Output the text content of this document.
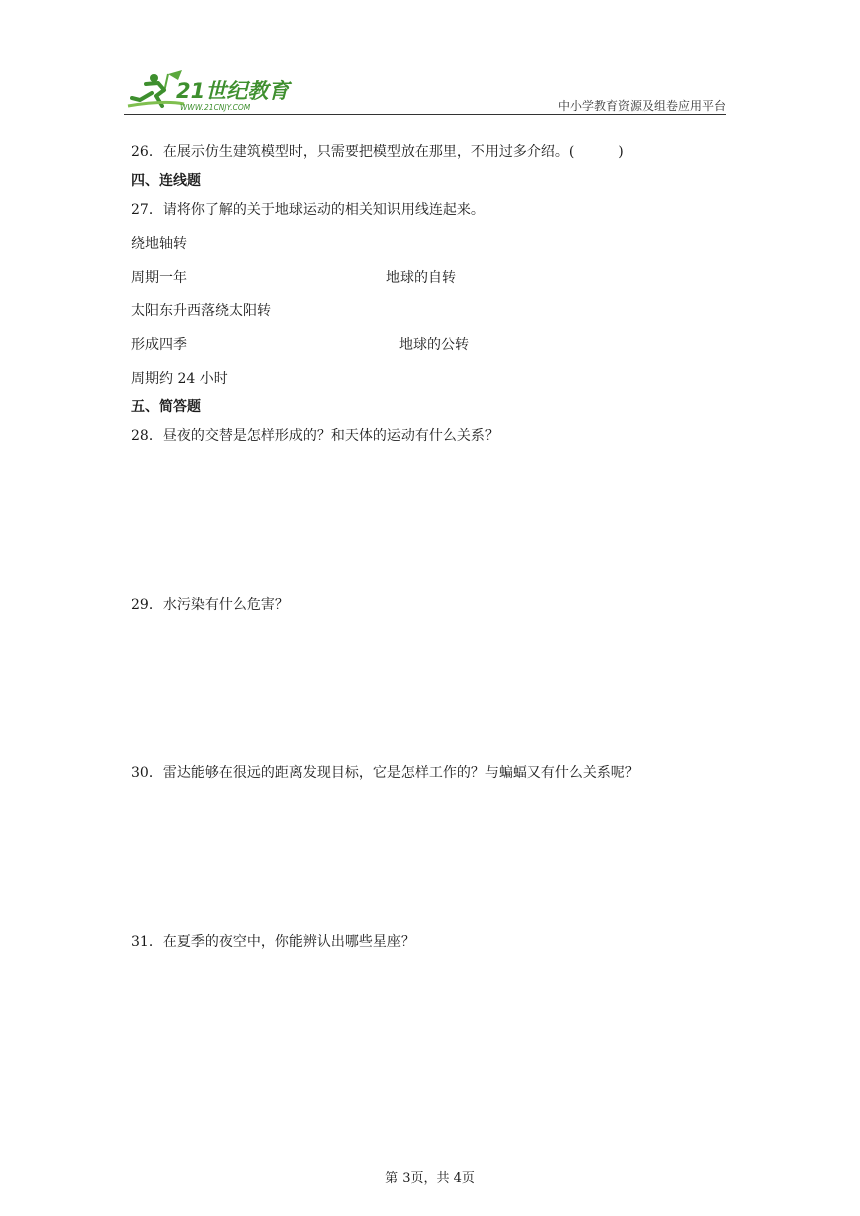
21世纪教育
WWW.21CNJY.COM	中小学教育资源及组卷应用平台
26．在展示仿生建筑模型时，只需要把模型放在那里，不用过多介绍。(	)
四、连线题
27．请将你了解的关于地球运动的相关知识用线连起来。
绕地轴转
周期一年	地球的自转
太阳东升西落绕太阳转
形成四季	地球的公转
周期约 24 小时
五、简答题
28．昼夜的交替是怎样形成的？和天体的运动有什么关系？
29．水污染有什么危害？
30．雷达能够在很远的距离发现目标，它是怎样工作的？与蝙蝠又有什么关系呢？
31．在夏季的夜空中，你能辨认出哪些星座？
第 3页，共 4页
